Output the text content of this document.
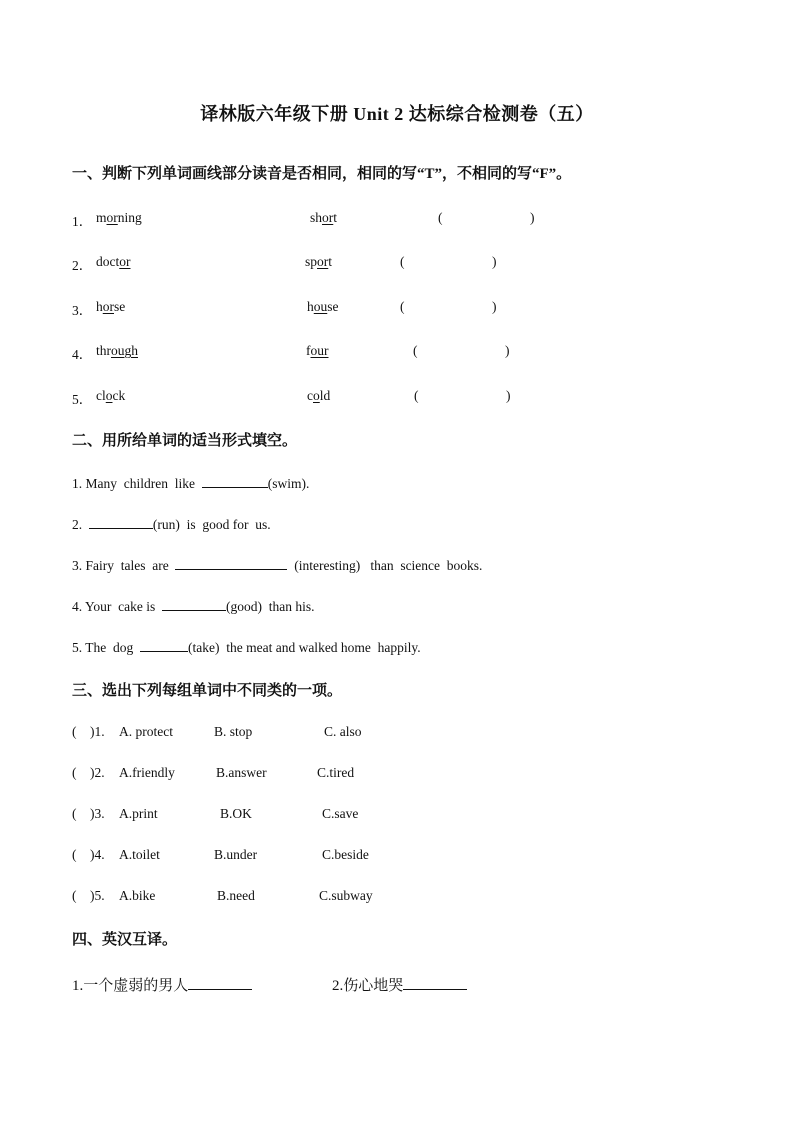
译林版六年级下册 Unit 2 达标综合检测卷（五）
一、判断下列单词画线部分读音是否相同，相同的写“T”，不相同的写“F”。
1． morning	short	(	)
2． doctor	sport	(	)
3． horse	house	(	)
4． through	four	(	)
5． clock	cold	(	)
二、用所给单词的适当形式填空。
1. Many  children  like	(swim).
2.	(run)  is  good for  us.
3. Fairy  tales  are	(interesting)   than  science  books.
4. Your  cake is	(good)  than his.
5. The  dog	(take)  the meat and walked home  happily.
三、选出下列每组单词中不同类的一项。
(    )1. A. protect	B. stop	C. also
(    )2. A.friendly	B.answer	C.tired
(    )3. A.print	B.OK	C.save
(    )4. A.toilet	B.under	C.beside
(    )5. A.bike	B.need	C.subway
四、英汉互译。
1.一个虚弱的男人	2.伤心地哭
